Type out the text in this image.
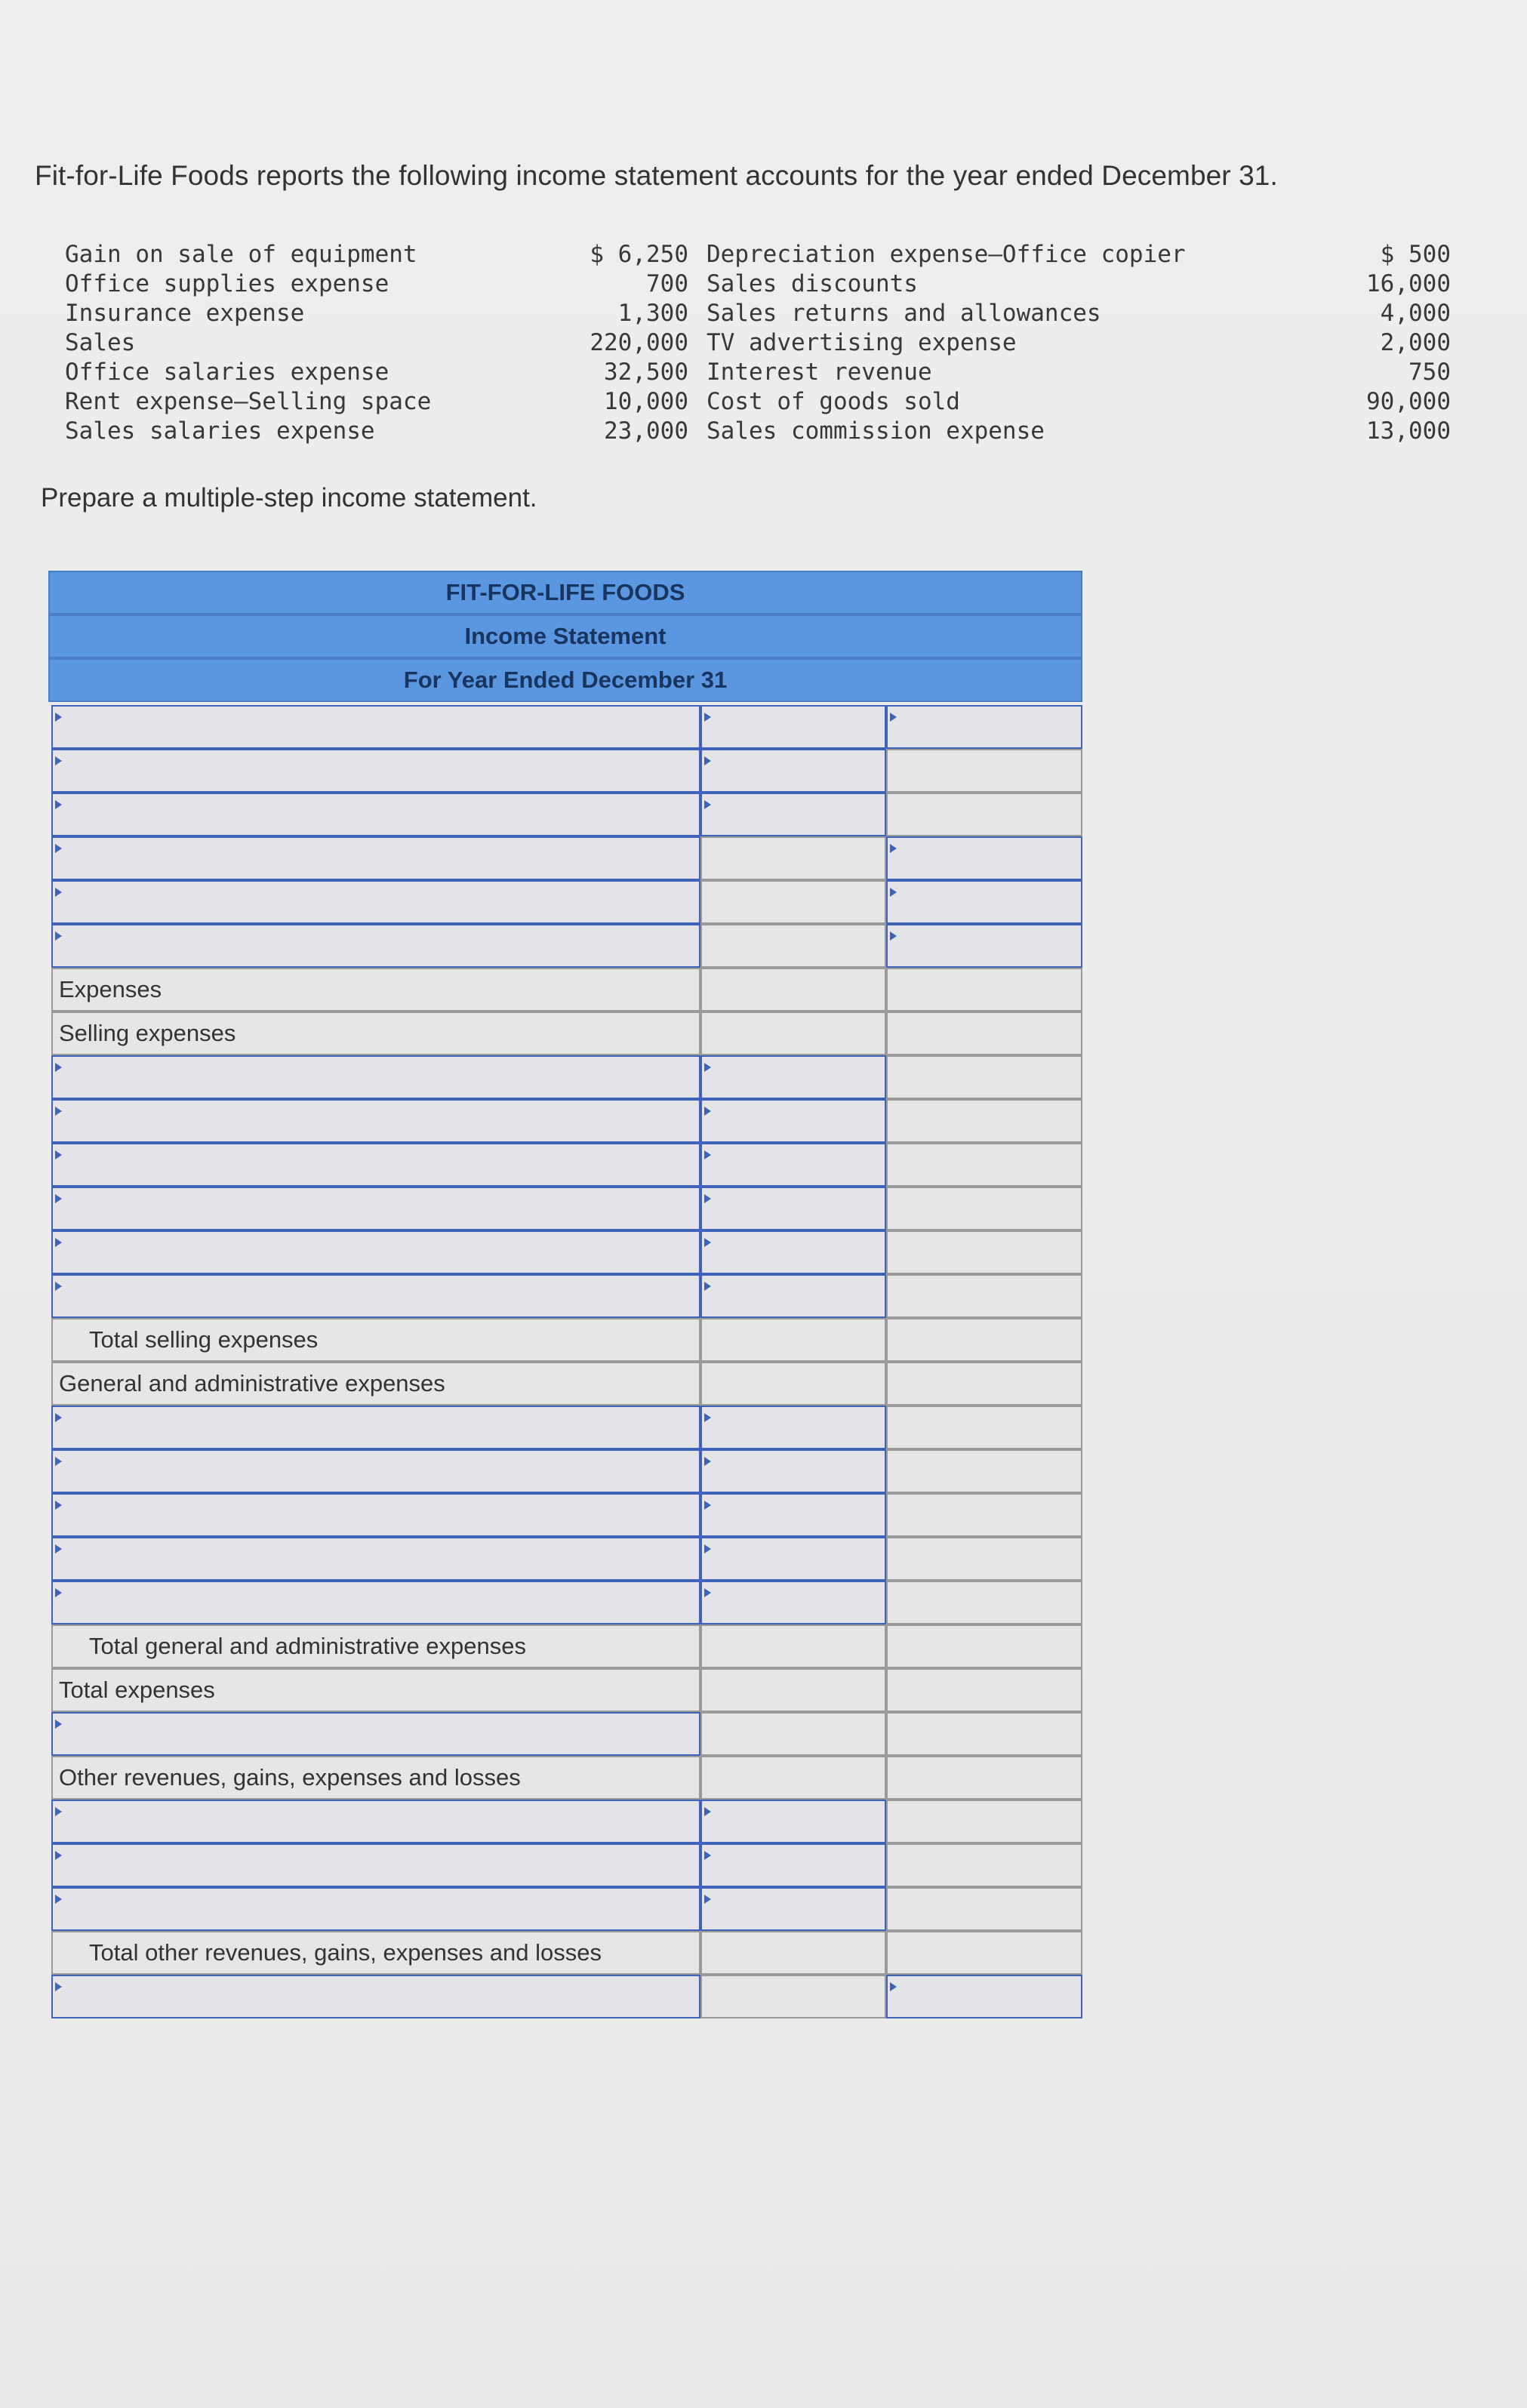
Fit-for-Life Foods reports the following income statement accounts for the year ended December 31.
Gain on sale of equipment	$ 6,250 Depreciation expense—Office copier	$ 500
Office supplies expense	700 Sales discounts	16,000
Insurance expense	1,300 Sales returns and allowances	4,000
Sales	220,000 TV advertising expense	2,000
Office salaries expense	32,500 Interest revenue	750
Rent expense—Selling space	10,000 Cost of goods sold	90,000
Sales salaries expense	23,000 Sales commission expense	13,000
Prepare a multiple-step income statement.
FIT-FOR-LIFE FOODS
Income Statement
For Year Ended December 31
Expenses
Selling expenses
Total selling expenses
General and administrative expenses
Total general and administrative expenses
Total expenses
Other revenues, gains, expenses and losses
Total other revenues, gains, expenses and losses
